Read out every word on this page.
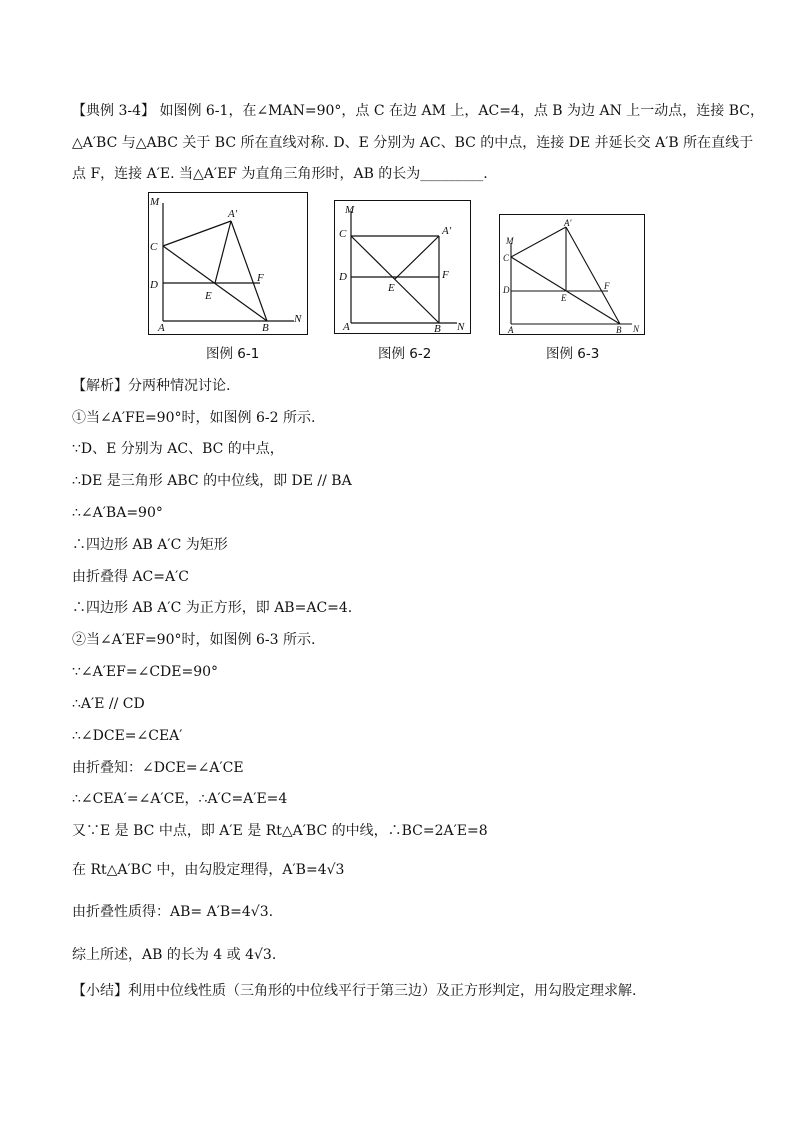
【典例 3-4】 如图例 6-1，在∠MAN=90°，点 C 在边 AM 上，AC=4，点 B 为边 AN 上一动点，连接 BC，
△A′BC 与△ABC 关于 BC 所在直线对称. D、E 分别为 AC、BC 的中点，连接 DE 并延长交 A′B 所在直线于
点 F，连接 A′E. 当△A′EF 为直角三角形时，AB 的长为_________.
M
A′
C
D
F
E
A	B
N
图例 6-1
M
C	A′
D	F
E
A	B N
图例 6-2
A′
M
C
D	F
E
A	B N
图例 6-3
【解析】分两种情况讨论.
①当∠A′FE=90°时，如图例 6-2 所示.
∵D、E 分别为 AC、BC 的中点，
∴DE 是三角形 ABC 的中位线，即 DE // BA
∴∠A′BA=90°
∴四边形 AB A′C 为矩形
由折叠得 AC=A′C
∴四边形 AB A′C 为正方形，即 AB=AC=4.
②当∠A′EF=90°时，如图例 6-3 所示.
∵∠A′EF=∠CDE=90°
∴A′E // CD
∴∠DCE=∠CEA′
由折叠知：∠DCE=∠A′CE
∴∠CEA′=∠A′CE，∴A′C=A′E=4
又∵E 是 BC 中点，即 A′E 是 Rt△A′BC 的中线，∴BC=2A′E=8
在 Rt△A′BC 中，由勾股定理得，A′B=4√3
由折叠性质得：AB= A′B=4√3.
综上所述，AB 的长为 4 或 4√3.
【小结】利用中位线性质（三角形的中位线平行于第三边）及正方形判定，用勾股定理求解.
